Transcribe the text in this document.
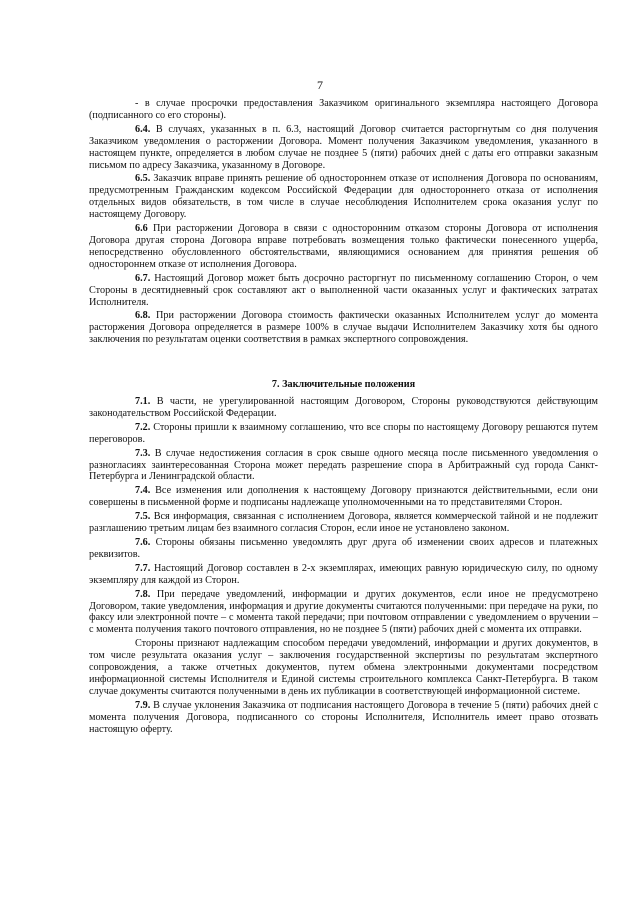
7

- в случае просрочки предоставления Заказчиком оригинального экземпляра настоящего Договора (подписанного со его стороны).

6.4. В случаях, указанных в п. 6.3, настоящий Договор считается расторгнутым со дня получения Заказчиком уведомления о расторжении Договора. Момент получения Заказчиком уведомления, указанного в настоящем пункте, определяется в любом случае не позднее 5 (пяти) рабочих дней с даты его отправки заказным письмом по адресу Заказчика, указанному в Договоре.

6.5. Заказчик вправе принять решение об одностороннем отказе от исполнения Договора по основаниям, предусмотренным Гражданским кодексом Российской Федерации для одностороннего отказа от исполнения отдельных видов обязательств, в том числе в случае несоблюдения Исполнителем срока оказания услуг по настоящему Договору.

6.6 При расторжении Договора в связи с односторонним отказом стороны Договора от исполнения Договора другая сторона Договора вправе потребовать возмещения только фактически понесенного ущерба, непосредственно обусловленного обстоятельствами, являющимися основанием для принятия решения об одностороннем отказе от исполнения Договора.

6.7. Настоящий Договор может быть досрочно расторгнут по письменному соглашению Сторон, о чем Стороны в десятидневный срок составляют акт о выполненной части оказанных услуг и фактических затратах Исполнителя.

6.8. При расторжении Договора стоимость фактически оказанных Исполнителем услуг до момента расторжения Договора определяется в размере 100% в случае выдачи Исполнителем Заказчику хотя бы одного заключения по результатам оценки соответствия в рамках экспертного сопровождения.

7. Заключительные положения

7.1. В части, не урегулированной настоящим Договором, Стороны руководствуются действующим законодательством Российской Федерации.

7.2. Стороны пришли к взаимному соглашению, что все споры по настоящему Договору решаются путем переговоров.

7.3. В случае недостижения согласия в срок свыше одного месяца после письменного уведомления о разногласиях заинтересованная Сторона может передать разрешение спора в Арбитражный суд города Санкт-Петербурга и Ленинградской области.

7.4. Все изменения или дополнения к настоящему Договору признаются действительными, если они совершены в письменной форме и подписаны надлежаще уполномоченными на то представителями Сторон.

7.5. Вся информация, связанная с исполнением Договора, является коммерческой тайной и не подлежит разглашению третьим лицам без взаимного согласия Сторон, если иное не установлено законом.

7.6. Стороны обязаны письменно уведомлять друг друга об изменении своих адресов и платежных реквизитов.

7.7. Настоящий Договор составлен в 2-х экземплярах, имеющих равную юридическую силу, по одному экземпляру для каждой из Сторон.

7.8. При передаче уведомлений, информации и других документов, если иное не предусмотрено Договором, такие уведомления, информация и другие документы считаются полученными: при передаче на руки, по факсу или электронной почте – с момента такой передачи; при почтовом отправлении с уведомлением о вручении – с момента получения такого почтового отправления, но не позднее 5 (пяти) рабочих дней с момента их отправки.

Стороны признают надлежащим способом передачи уведомлений, информации и других документов, в том числе результата оказания услуг – заключения государственной экспертизы по результатам экспертного сопровождения, а также отчетных документов, путем обмена электронными документами посредством информационной системы Исполнителя и Единой системы строительного комплекса Санкт-Петербурга. В таком случае документы считаются полученными в день их публикации в соответствующей информационной системе.

7.9. В случае уклонения Заказчика от подписания настоящего Договора в течение 5 (пяти) рабочих дней с момента получения Договора, подписанного со стороны Исполнителя, Исполнитель имеет право отозвать настоящую оферту.
